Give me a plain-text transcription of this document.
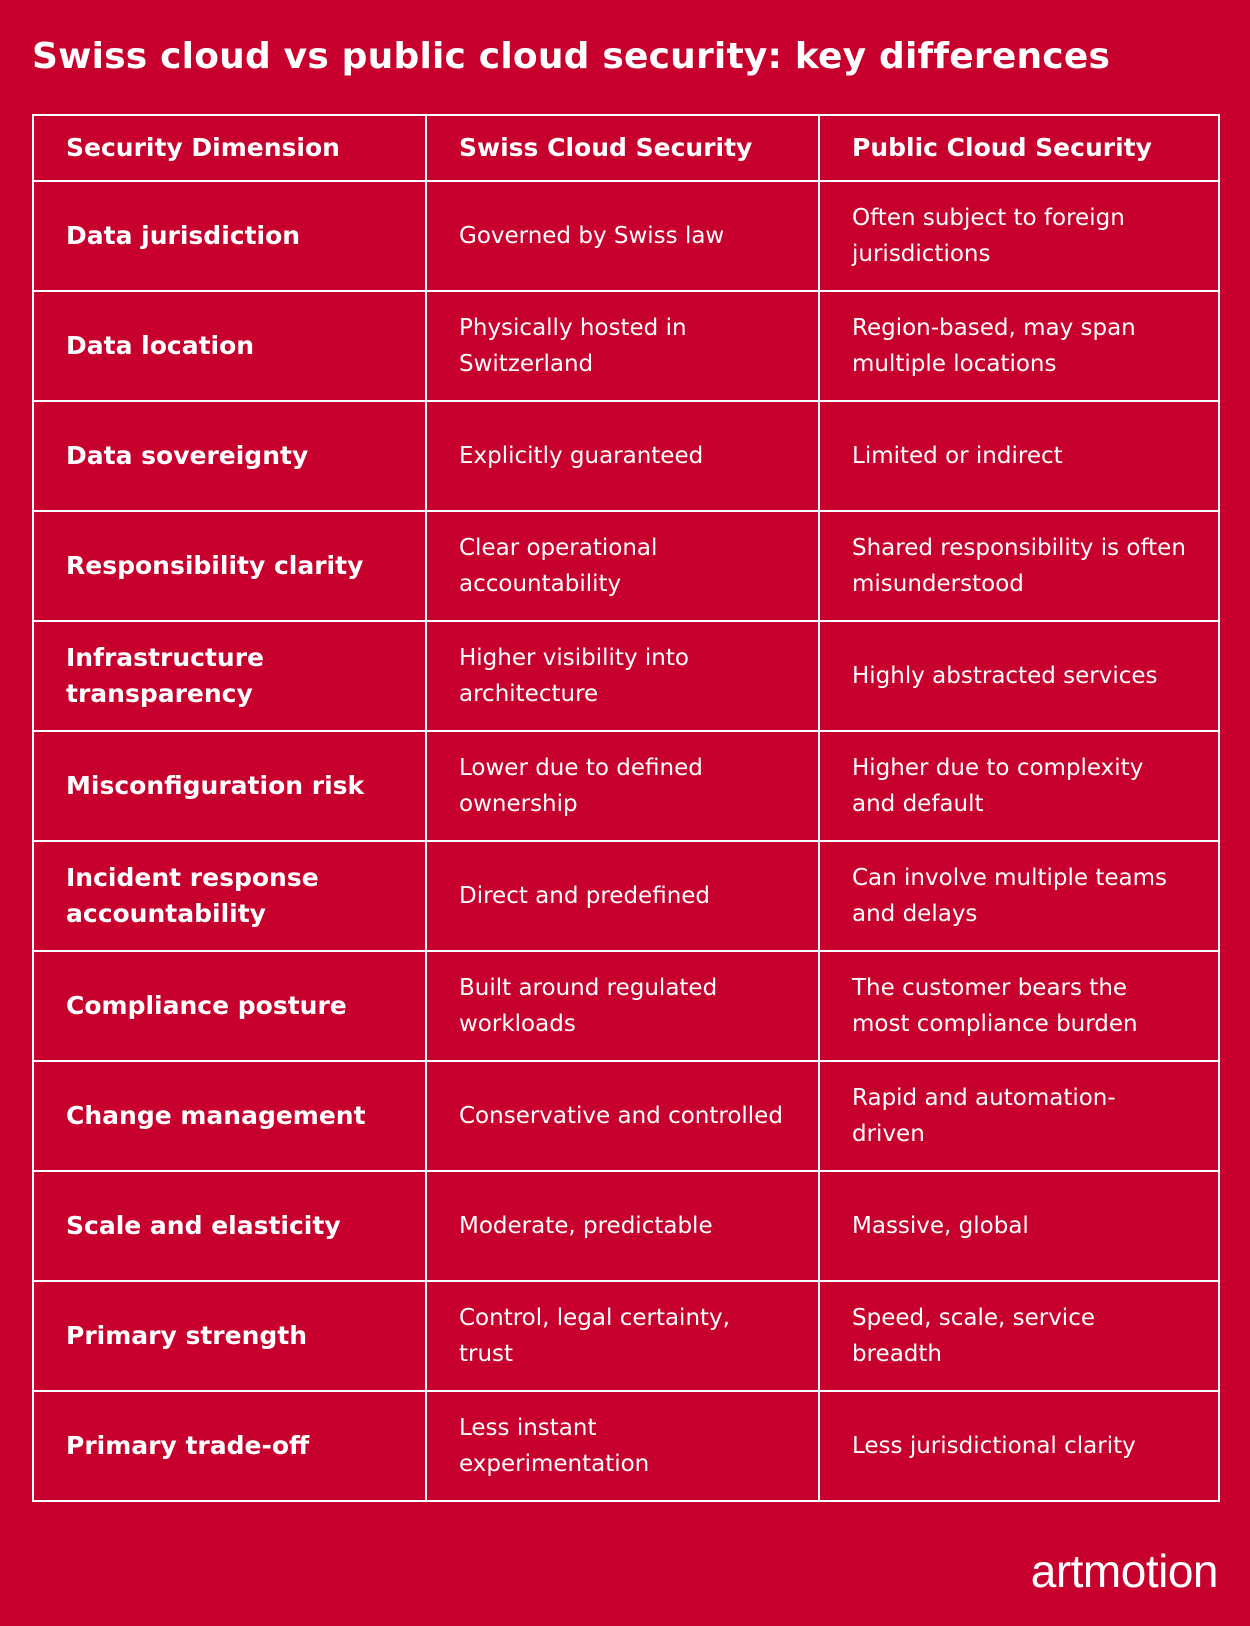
Swiss cloud vs public cloud security: key differences
Security Dimension	Swiss Cloud Security	Public Cloud Security
Data jurisdiction	Governed by Swiss law	Often subject to foreign jurisdictions
Data location	Physically hosted in Switzerland	Region-based, may span multiple locations
Data sovereignty	Explicitly guaranteed	Limited or indirect
Responsibility clarity	Clear operational accountability	Shared responsibility is often misunderstood
Infrastructure transparency	Higher visibility into architecture	Highly abstracted services
Misconfiguration risk	Lower due to defined ownership	Higher due to complexity and default
Incident response accountability	Direct and predefined	Can involve multiple teams and delays
Compliance posture	Built around regulated workloads	The customer bears the most compliance burden
Change management	Conservative and controlled	Rapid and automation-driven
Scale and elasticity	Moderate, predictable	Massive, global
Primary strength	Control, legal certainty, trust	Speed, scale, service breadth
Primary trade-off	Less instant experimentation	Less jurisdictional clarity
artmotion
